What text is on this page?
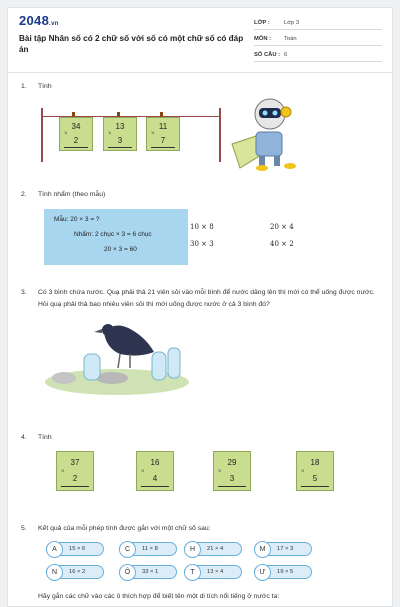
2048.vn
Bài tập Nhân số có 2 chữ số với số có một chữ số có đáp án
LỚP : Lớp 3
MÔN : Toán
SỐ CÂU : 6
1. Tính
34
×
2
13
×
3
11
×
7
2. Tính nhẩm (theo mẫu)
Mẫu: 20 × 3 = ?
Nhẩm: 2 chục × 3 = 6 chục
20 × 3 = 60
10 × 8	20 × 4
30 × 3	40 × 2
3. Có 3 bình chứa nước. Quạ phải thả 21 viên sỏi vào mỗi bình để nước dâng lên thì mới có thể uống được nước. Hỏi quạ phải thả bao nhiêu viên sỏi thì mới uống được nước ở cả 3 bình đó?
4. Tính
37
×
2
16
×
4
29
×
3
18
×
5
5. Kết quả của mỗi phép tính được gắn với một chữ số sau:
A	15 × 6	C	11 × 8	H	21 × 4	M	17 × 3
N	16 × 2	Ô	33 × 1	T	13 × 4	Ư	19 × 5
Hãy gắn các chữ vào các ô thích hợp để biết tên một di tích nổi tiếng ở nước ta:
